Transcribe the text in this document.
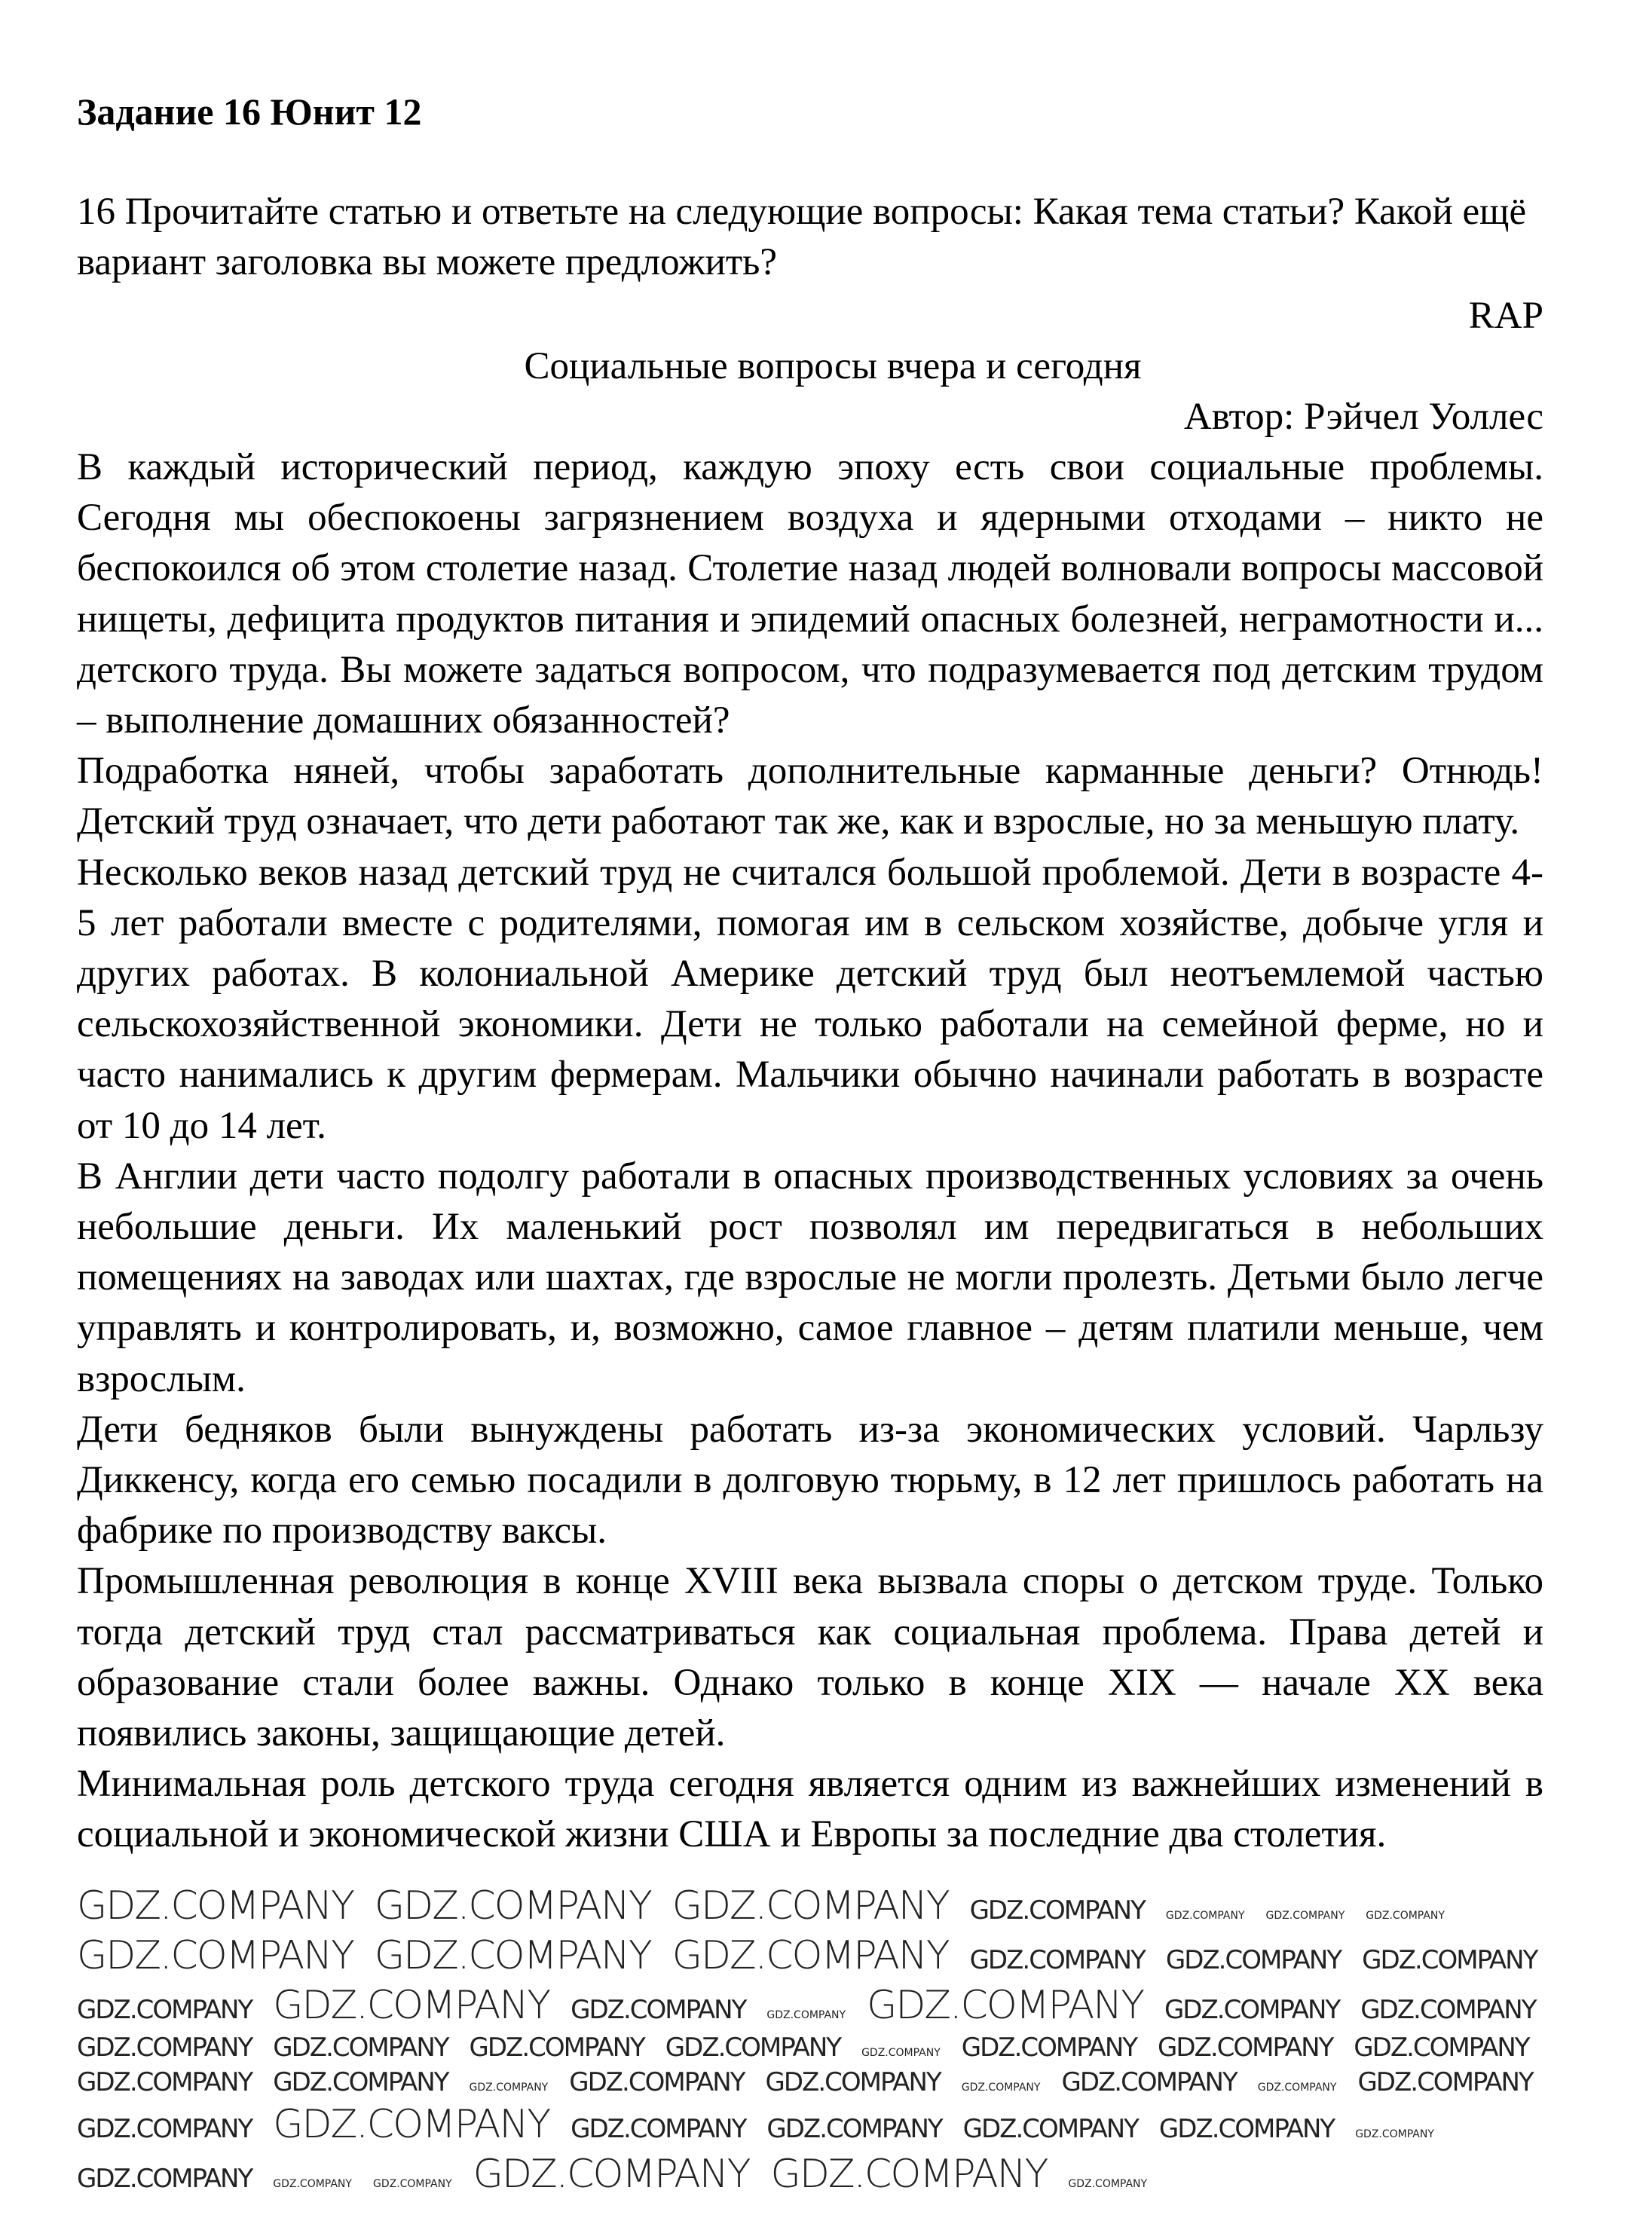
Задание 16 Юнит 12

16 Прочитайте статью и ответьте на следующие вопросы: Какая тема статьи? Какой ещё вариант заголовка вы можете предложить?

RAP
Социальные вопросы вчера и сегодня
Автор: Рэйчел Уоллес

В каждый исторический период, каждую эпоху есть свои социальные проблемы. Сегодня мы обеспокоены загрязнением воздуха и ядерными отходами – никто не беспокоился об этом столетие назад. Столетие назад людей волновали вопросы массовой нищеты, дефицита продуктов питания и эпидемий опасных болезней, неграмотности и... детского труда. Вы можете задаться вопросом, что подразумевается под детским трудом – выполнение домашних обязанностей?

Подработка няней, чтобы заработать дополнительные карманные деньги? Отнюдь! Детский труд означает, что дети работают так же, как и взрослые, но за меньшую плату.

Несколько веков назад детский труд не считался большой проблемой. Дети в возрасте 4-5 лет работали вместе с родителями, помогая им в сельском хозяйстве, добыче угля и других работах. В колониальной Америке детский труд был неотъемлемой частью сельскохозяйственной экономики. Дети не только работали на семейной ферме, но и часто нанимались к другим фермерам. Мальчики обычно начинали работать в возрасте от 10 до 14 лет.

В Англии дети часто подолгу работали в опасных производственных условиях за очень небольшие деньги. Их маленький рост позволял им передвигаться в небольших помещениях на заводах или шахтах, где взрослые не могли пролезть. Детьми было легче управлять и контролировать, и, возможно, самое главное – детям платили меньше, чем взрослым.

Дети бедняков были вынуждены работать из-за экономических условий. Чарльзу Диккенсу, когда его семью посадили в долговую тюрьму, в 12 лет пришлось работать на фабрике по производству ваксы.

Промышленная революция в конце XVIII века вызвала споры о детском труде. Только тогда детский труд стал рассматриваться как социальная проблема. Права детей и образование стали более важны. Однако только в конце XIX — начале XX века появились законы, защищающие детей.

Минимальная роль детского труда сегодня является одним из важнейших изменений в социальной и экономической жизни США и Европы за последние два столетия.

GDZ.COMPANY GDZ.COMPANY GDZ.COMPANY GDZ.COMPANY GDZ.COMPANY GDZ.COMPANY GDZ.COMPANY
GDZ.COMPANY GDZ.COMPANY GDZ.COMPANY GDZ.COMPANY GDZ.COMPANY GDZ.COMPANY
GDZ.COMPANY GDZ.COMPANY GDZ.COMPANY GDZ.COMPANY GDZ.COMPANY GDZ.COMPANY GDZ.COMPANY
GDZ.COMPANY GDZ.COMPANY GDZ.COMPANY GDZ.COMPANY GDZ.COMPANY GDZ.COMPANY GDZ.COMPANY GDZ.COMPANY
GDZ.COMPANY GDZ.COMPANY GDZ.COMPANY GDZ.COMPANY GDZ.COMPANY GDZ.COMPANY GDZ.COMPANY GDZ.COMPANY GDZ.COMPANY
GDZ.COMPANY GDZ.COMPANY GDZ.COMPANY GDZ.COMPANY GDZ.COMPANY GDZ.COMPANY GDZ.COMPANY
GDZ.COMPANY GDZ.COMPANY GDZ.COMPANY GDZ.COMPANY GDZ.COMPANY GDZ.COMPANY
